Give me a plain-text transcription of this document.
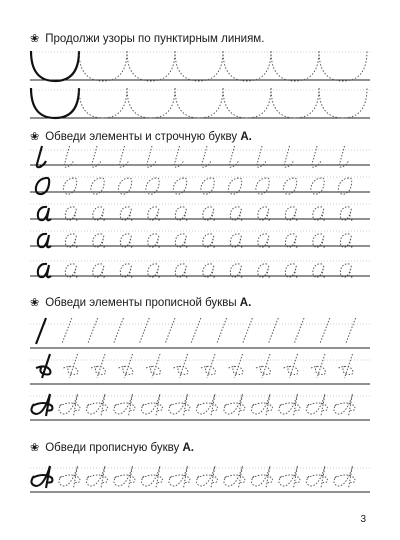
❀ Продолжи узоры по пунктирным линиям.
❀ Обведи элементы и строчную букву А.
❀ Обведи элементы прописной буквы А.
❀ Обведи прописную букву А.
3
